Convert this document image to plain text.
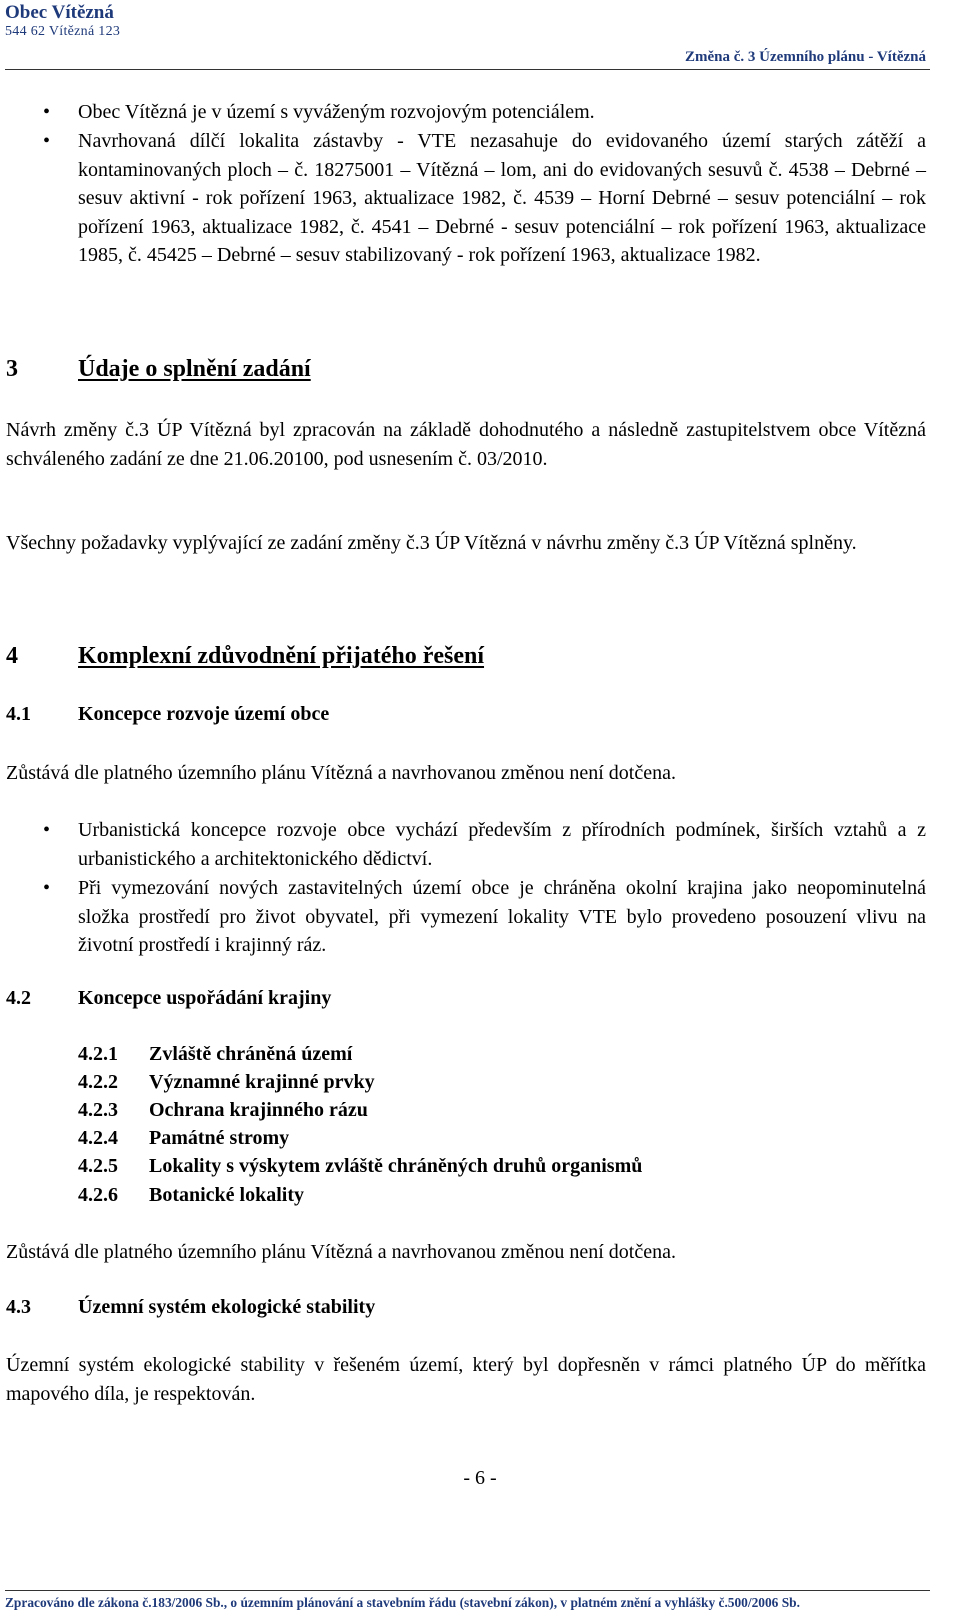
Obec Vítězná
544 62 Vítězná 123
Změna č. 3 Územního plánu - Vítězná
• Obec Vítězná je v území s vyváženým rozvojovým potenciálem.
• Navrhovaná dílčí lokalita zástavby - VTE nezasahuje do evidovaného území starých zátěží a kontaminovaných ploch – č. 18275001 – Vítězná – lom, ani do evidovaných sesuvů č. 4538 – Debrné – sesuv aktivní - rok pořízení 1963, aktualizace 1982, č. 4539 – Horní Debrné – sesuv potenciální – rok pořízení 1963, aktualizace 1982, č. 4541 – Debrné - sesuv potenciální – rok pořízení 1963, aktualizace 1985, č. 45425 – Debrné – sesuv stabilizovaný - rok pořízení 1963, aktualizace 1982.
3	Údaje o splnění zadání
Návrh změny č.3 ÚP Vítězná byl zpracován na základě dohodnutého a následně zastupitelstvem obce Vítězná schváleného zadání ze dne 21.06.20100, pod usnesením č. 03/2010.
Všechny požadavky vyplývající ze zadání změny č.3 ÚP Vítězná v návrhu změny č.3 ÚP Vítězná splněny.
4	Komplexní zdůvodnění přijatého řešení
4.1 Koncepce rozvoje území obce
Zůstává dle platného územního plánu Vítězná a navrhovanou změnou není dotčena.
• Urbanistická koncepce rozvoje obce vychází především z přírodních podmínek, širších vztahů a z urbanistického a architektonického dědictví.
• Při vymezování nových zastavitelných území obce je chráněna okolní krajina jako neopominutelná složka prostředí pro život obyvatel, při vymezení lokality VTE bylo provedeno posouzení vlivu na životní prostředí i krajinný ráz.
4.2 Koncepce uspořádání krajiny
4.2.1 Zvláště chráněná území
4.2.2 Významné krajinné prvky
4.2.3 Ochrana krajinného rázu
4.2.4 Památné stromy
4.2.5 Lokality s výskytem zvláště chráněných druhů organismů
4.2.6 Botanické lokality
Zůstává dle platného územního plánu Vítězná a navrhovanou změnou není dotčena.
4.3 Územní systém ekologické stability
Územní systém ekologické stability v řešeném území, který byl dopřesněn v rámci platného ÚP do měřítka mapového díla, je respektován.
- 6 -
Zpracováno dle zákona č.183/2006 Sb., o územním plánování a stavebním řádu (stavební zákon), v platném znění a vyhlášky č.500/2006 Sb.
